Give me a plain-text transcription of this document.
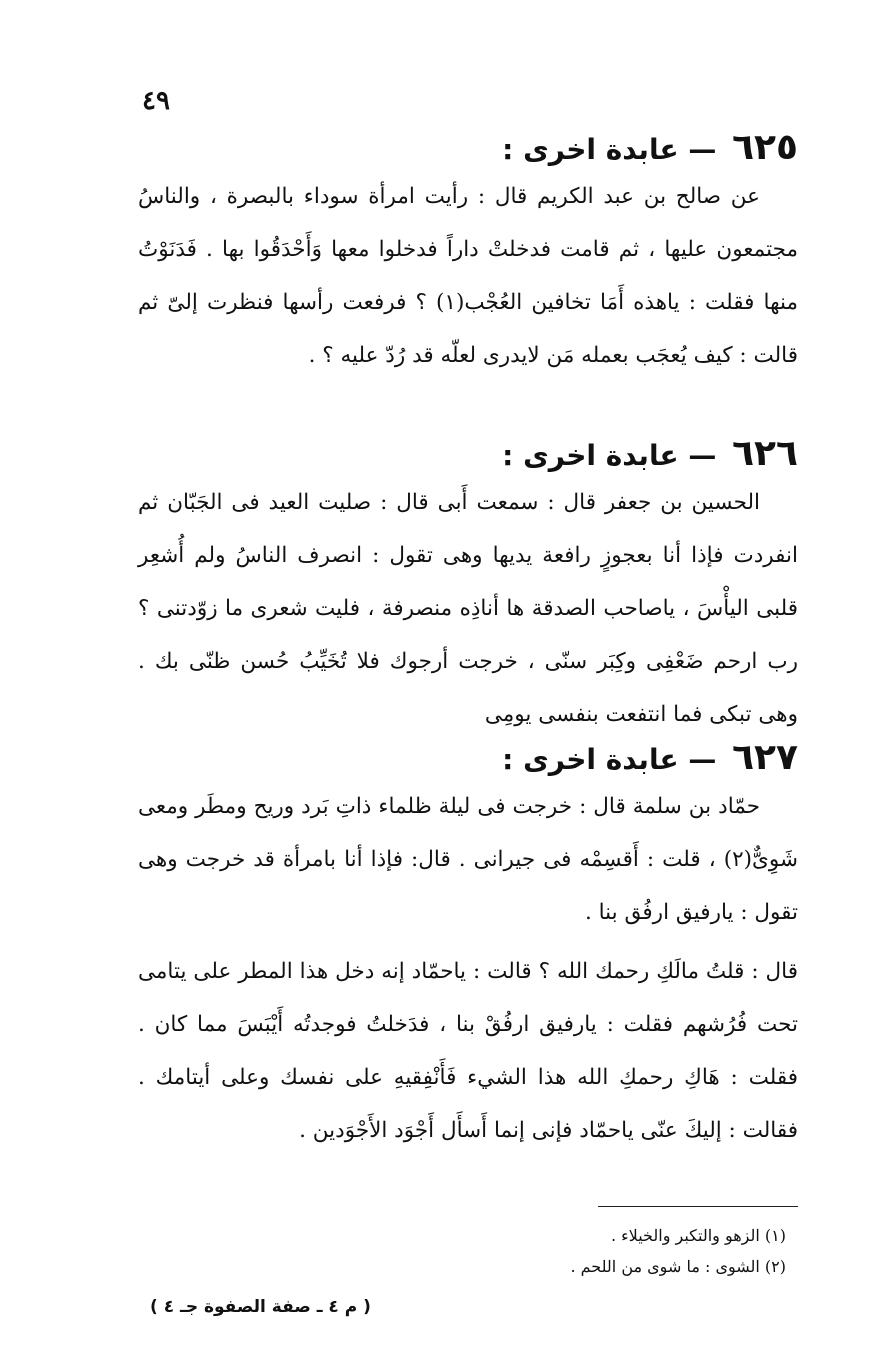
٤٩
٦٢٥ — عابدة اخرى :

عن صالح بن عبد الكريم قال : رأيت امرأة سوداء بالبصرة ، والناسُ مجتمعون عليها ، ثم قامت فدخلتْ داراً فدخلوا معها وَأَحْدَقُوا بها . فَدَنَوْتُ منها فقلت : ياهذه أَمَا تخافين العُجْب(١) ؟ فرفعت رأسها فنظرت إلىّ ثم قالت : كيف يُعجَب بعمله مَن لايدرى لعلّه قد رُدّ عليه ؟ .

٦٢٦ — عابدة اخرى :

الحسين بن جعفر قال : سمعت أَبى قال : صليت العيد فى الجَبّان ثم انفردت فإذا أنا بعجوزٍ رافعة يديها وهى تقول : انصرف الناسُ ولم أُشعِر قلبى اليأْسَ ، ياصاحب الصدقة ها أناذِه منصرفة ، فليت شعرى ما زوّدتنى ؟ رب ارحم ضَعْفِى وكِبَر سنّى ، خرجت أرجوك فلا تُخَيِّبُ حُسن ظنّى بك . وهى تبكى فما انتفعت بنفسى يومِى

٦٢٧ — عابدة اخرى :

حمّاد بن سلمة قال : خرجت فى ليلة ظلماء ذاتِ بَرد وريح ومطَر ومعى شَوِىٌّ(٢) ، قلت : أَقسِمْه فى جيرانى . قال: فإذا أنا بامرأة قد خرجت وهى تقول : يارفيق ارفُق بنا .

قال : قلتُ مالَكِ رحمك الله ؟ قالت : ياحمّاد إنه دخل هذا المطر على يتامى تحت فُرُشهم فقلت : يارفيق ارفُقْ بنا ، فدَخلتُ فوجدتُه أَيْبَسَ مما كان . فقلت : هَاكِ رحمكِ الله هذا الشيء فَأَنْفِقيهِ على نفسك وعلى أيتامك . فقالت : إليكَ عنّى ياحمّاد فإنى إنما أَسأَل أَجْوَد الأَجْوَدين .

(١) الزهو والتكبر والخيلاء .

(٢) الشوى : ما شوى من اللحم .

( م ٤ ـ صفة الصفوة جـ ٤ )
